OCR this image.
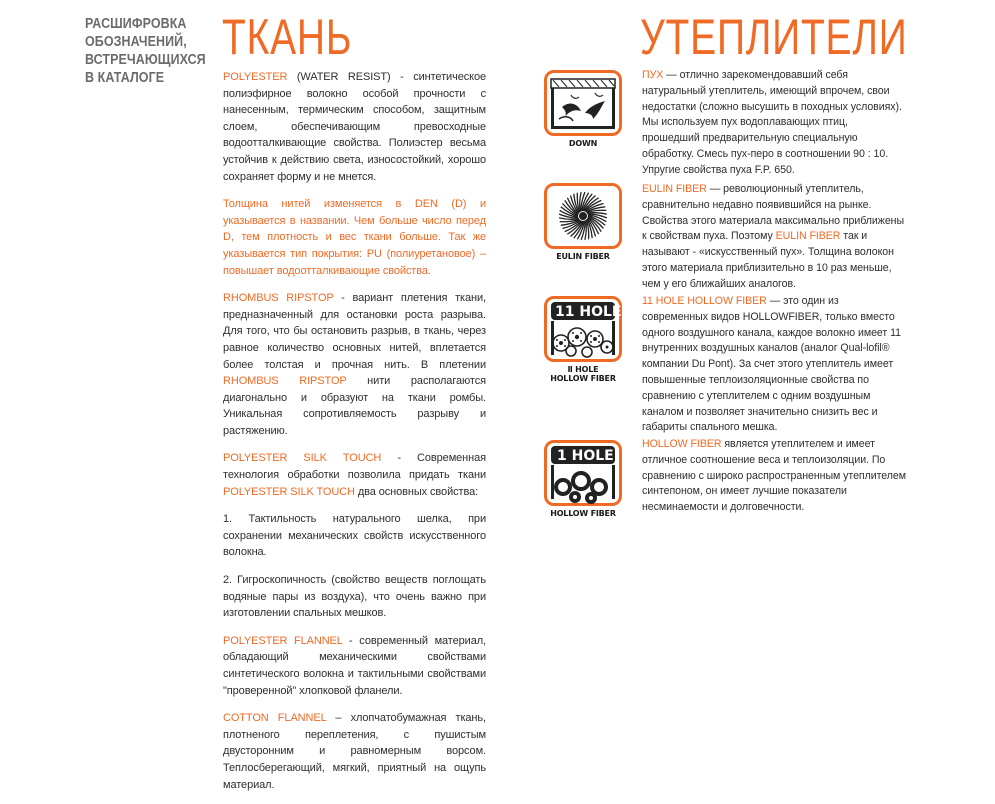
РАСШИФРОВКА
ОБОЗНАЧЕНИЙ,
ВСТРЕЧАЮЩИХСЯ
В КАТАЛОГЕ
ТКАНЬ	УТЕПЛИТЕЛИ

POLYESTER (WATER RESIST) - синтетическое полиэфирное волокно особой прочности с нанесенным, термическим способом, защитным слоем, обеспечивающим превосходные водоотталкивающие свойства. Полиэстер весьма устойчив к действию света, износостойкий, хорошо сохраняет форму и не мнется.

Толщина нитей изменяется в DEN (D) и указывается в названии. Чем больше число перед D, тем плотность и вес ткани больше. Так же указывается тип покрытия: PU (полиуретановое) – повышает водоотталкивающие свойства.

RHOMBUS RIPSTOP - вариант плетения ткани, предназначенный для остановки роста разрыва. Для того, что бы остановить разрыв, в ткань, через равное количество основных нитей, вплетается более толстая и прочная нить. В плетении RHOMBUS RIPSTOP нити располагаются диагонально и образуют на ткани ромбы. Уникальная сопротивляемость разрыву и растяжению.

POLYESTER SILK TOUCH - Современная технология обработки позволила придать ткани POLYESTER SILK TOUCH два основных свойства:

1. Тактильность натурального шелка, при сохранении механических свойств искусственного волокна.

2. Гигроскопичность (свойство веществ поглощать водяные пары из воздуха), что очень важно при изготовлении спальных мешков.

POLYESTER FLANNEL - современный материал, обладающий механическими свойствами синтетического волокна и тактильными свойствами "проверенной" хлопковой фланели.

COTTON FLANNEL – хлопчатобумажная ткань, плотненого переплетения, с пушистым двусторонним и равномерным ворсом. Теплосберегающий, мягкий, приятный на ощупь материал.

DOWN
EULIN FIBER
11 HOLE
Ⅱ HOLE
HOLLOW FIBER
1 HOLE
HOLLOW FIBER

ПУХ — отлично зарекомендовавший себя натуральный утеплитель, имеющий впрочем, свои недостатки (сложно высушить в походных условиях). Мы используем пух водоплавающих птиц, прошедший предварительную специальную обработку. Смесь пух-перо в соотношении 90 : 10. Упругие свойства пуха F.P. 650.

EULIN FIBER — революционный утеплитель, сравнительно недавно появившийся на рынке. Свойства этого материала максимально приближены к свойствам пуха. Поэтому EULIN FIBER так и называют - «искусственный пух». Толщина волокон этого материала приблизительно в 10 раз меньше, чем у его ближайших аналогов.

11 HOLE HOLLOW FIBER — это один из современных видов HOLLOWFIBER, только вместо одного воздушного канала, каждое волокно имеет 11 внутренних воздушных каналов (аналог Qual-lofil® компании Du Pont). За счет этого утеплитель имеет повышенные теплоизоляционные свойства по сравнению с утеплителем с одним воздушным каналом и позволяет значительно снизить вес и габариты спального мешка.

HOLLOW FIBER является утеплителем и имеет отличное соотношение веса и теплоизоляции. По сравнению с широко распространенным утеплителем синтепоном, он имеет лучшие показатели несминаемости и долговечности.
